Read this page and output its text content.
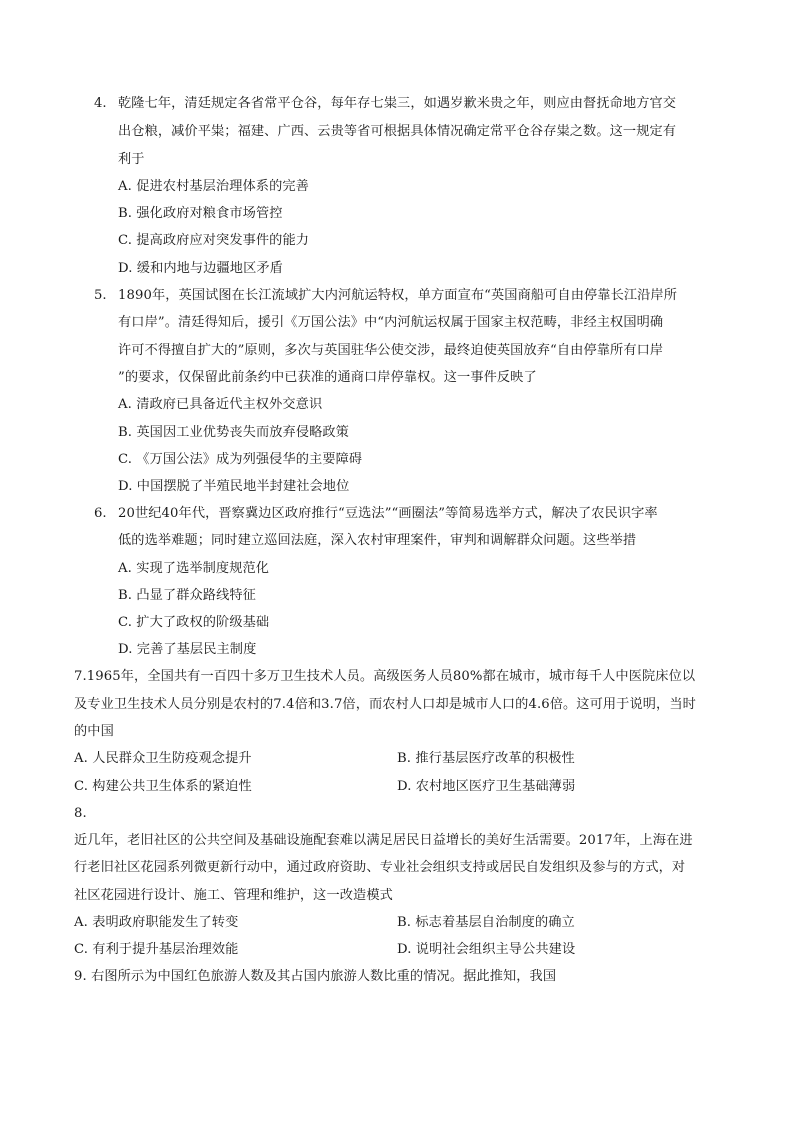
4. 乾隆七年，清廷规定各省常平仓谷，每年存七粜三，如遇岁歉米贵之年，则应由督抚命地方官交
出仓粮，减价平粜；福建、广西、云贵等省可根据具体情况确定常平仓谷存粜之数。这一规定有
利于
A. 促进农村基层治理体系的完善
B. 强化政府对粮食市场管控
C. 提高政府应对突发事件的能力
D. 缓和内地与边疆地区矛盾
5. 1890年，英国试图在长江流域扩大内河航运特权，单方面宣布“英国商船可自由停靠长江沿岸所
有口岸”。清廷得知后，援引《万国公法》中“内河航运权属于国家主权范畴，非经主权国明确
许可不得擅自扩大的”原则，多次与英国驻华公使交涉，最终迫使英国放弃“自由停靠所有口岸
”的要求，仅保留此前条约中已获准的通商口岸停靠权。这一事件反映了
A. 清政府已具备近代主权外交意识
B. 英国因工业优势丧失而放弃侵略政策
C. 《万国公法》成为列强侵华的主要障碍
D. 中国摆脱了半殖民地半封建社会地位
6. 20世纪40年代，晋察冀边区政府推行“豆选法”“画圈法”等简易选举方式，解决了农民识字率
低的选举难题；同时建立巡回法庭，深入农村审理案件，审判和调解群众问题。这些举措
A. 实现了选举制度规范化
B. 凸显了群众路线特征
C. 扩大了政权的阶级基础
D. 完善了基层民主制度
7.1965年，全国共有一百四十多万卫生技术人员。高级医务人员80%都在城市，城市每千人中医院床位以
及专业卫生技术人员分别是农村的7.4倍和3.7倍，而农村人口却是城市人口的4.6倍。这可用于说明，当时
的中国
A. 人民群众卫生防疫观念提升	B. 推行基层医疗改革的积极性
C. 构建公共卫生体系的紧迫性	D. 农村地区医疗卫生基础薄弱
8.
近几年，老旧社区的公共空间及基础设施配套难以满足居民日益增长的美好生活需要。2017年，上海在进
行老旧社区花园系列微更新行动中，通过政府资助、专业社会组织支持或居民自发组织及参与的方式，对
社区花园进行设计、施工、管理和维护，这一改造模式
A. 表明政府职能发生了转变	B. 标志着基层自治制度的确立
C. 有利于提升基层治理效能	D. 说明社会组织主导公共建设
9. 右图所示为中国红色旅游人数及其占国内旅游人数比重的情况。据此推知，我国
